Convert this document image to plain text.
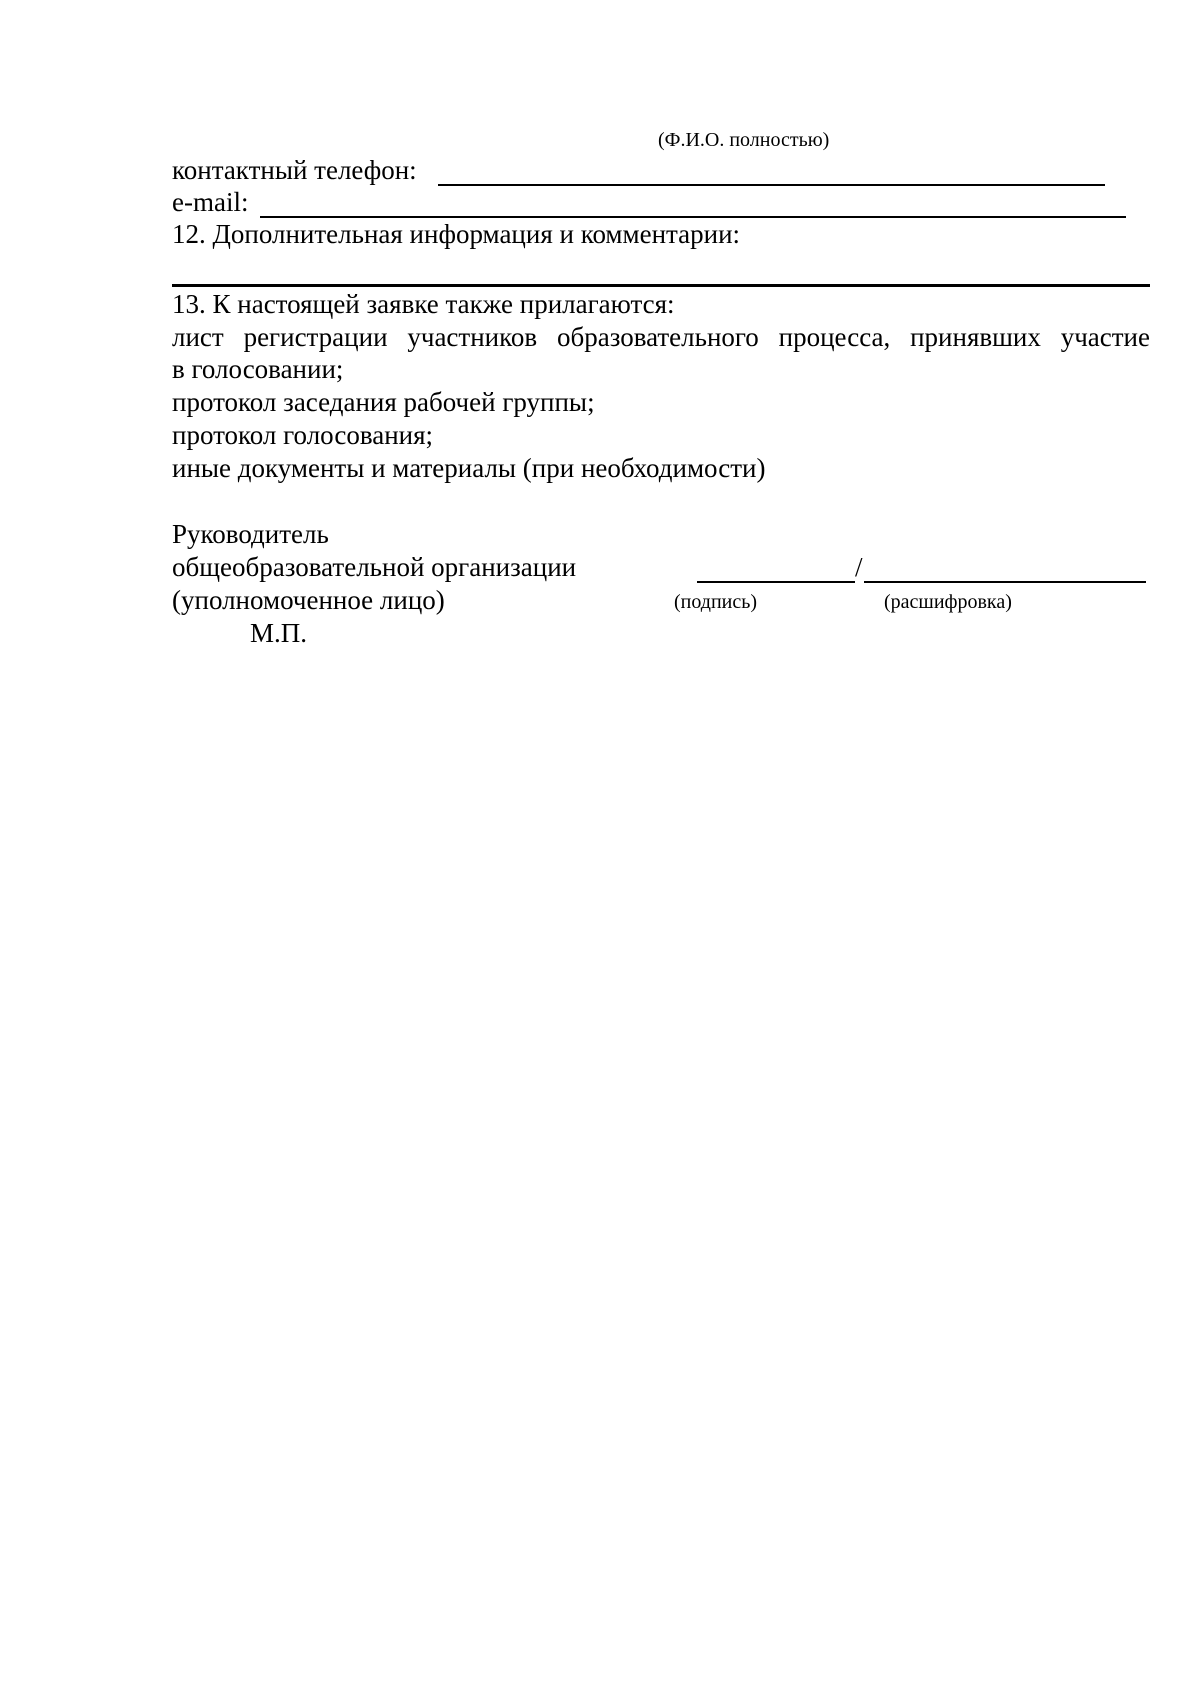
(Ф.И.О. полностью)
контактный телефон:
e-mail:
12. Дополнительная информация и комментарии:
13. К настоящей заявке также прилагаются:
лист регистрации участников образовательного процесса, принявших участие
в голосовании;
протокол заседания рабочей группы;
протокол голосования;
иные документы и материалы (при необходимости)
Руководитель
общеобразовательной организации
(уполномоченное лицо)
/
(подпись)	(расшифровка)
М.П.
